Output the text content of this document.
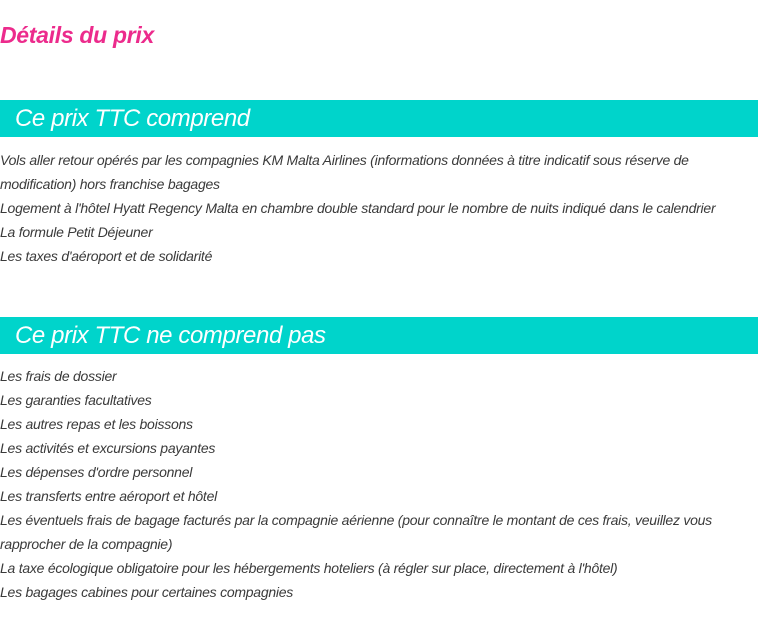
Détails du prix
Ce prix TTC comprend
Vols aller retour opérés par les compagnies KM Malta Airlines (informations données à titre indicatif sous réserve de modification) hors franchise bagages
Logement à l'hôtel Hyatt Regency Malta en chambre double standard pour le nombre de nuits indiqué dans le calendrier
La formule Petit Déjeuner
Les taxes d'aéroport et de solidarité
Ce prix TTC ne comprend pas
Les frais de dossier
Les garanties facultatives
Les autres repas et les boissons
Les activités et excursions payantes
Les dépenses d'ordre personnel
Les transferts entre aéroport et hôtel
Les éventuels frais de bagage facturés par la compagnie aérienne (pour connaître le montant de ces frais, veuillez vous rapprocher de la compagnie)
La taxe écologique obligatoire pour les hébergements hoteliers (à régler sur place, directement à l'hôtel)
Les bagages cabines pour certaines compagnies
